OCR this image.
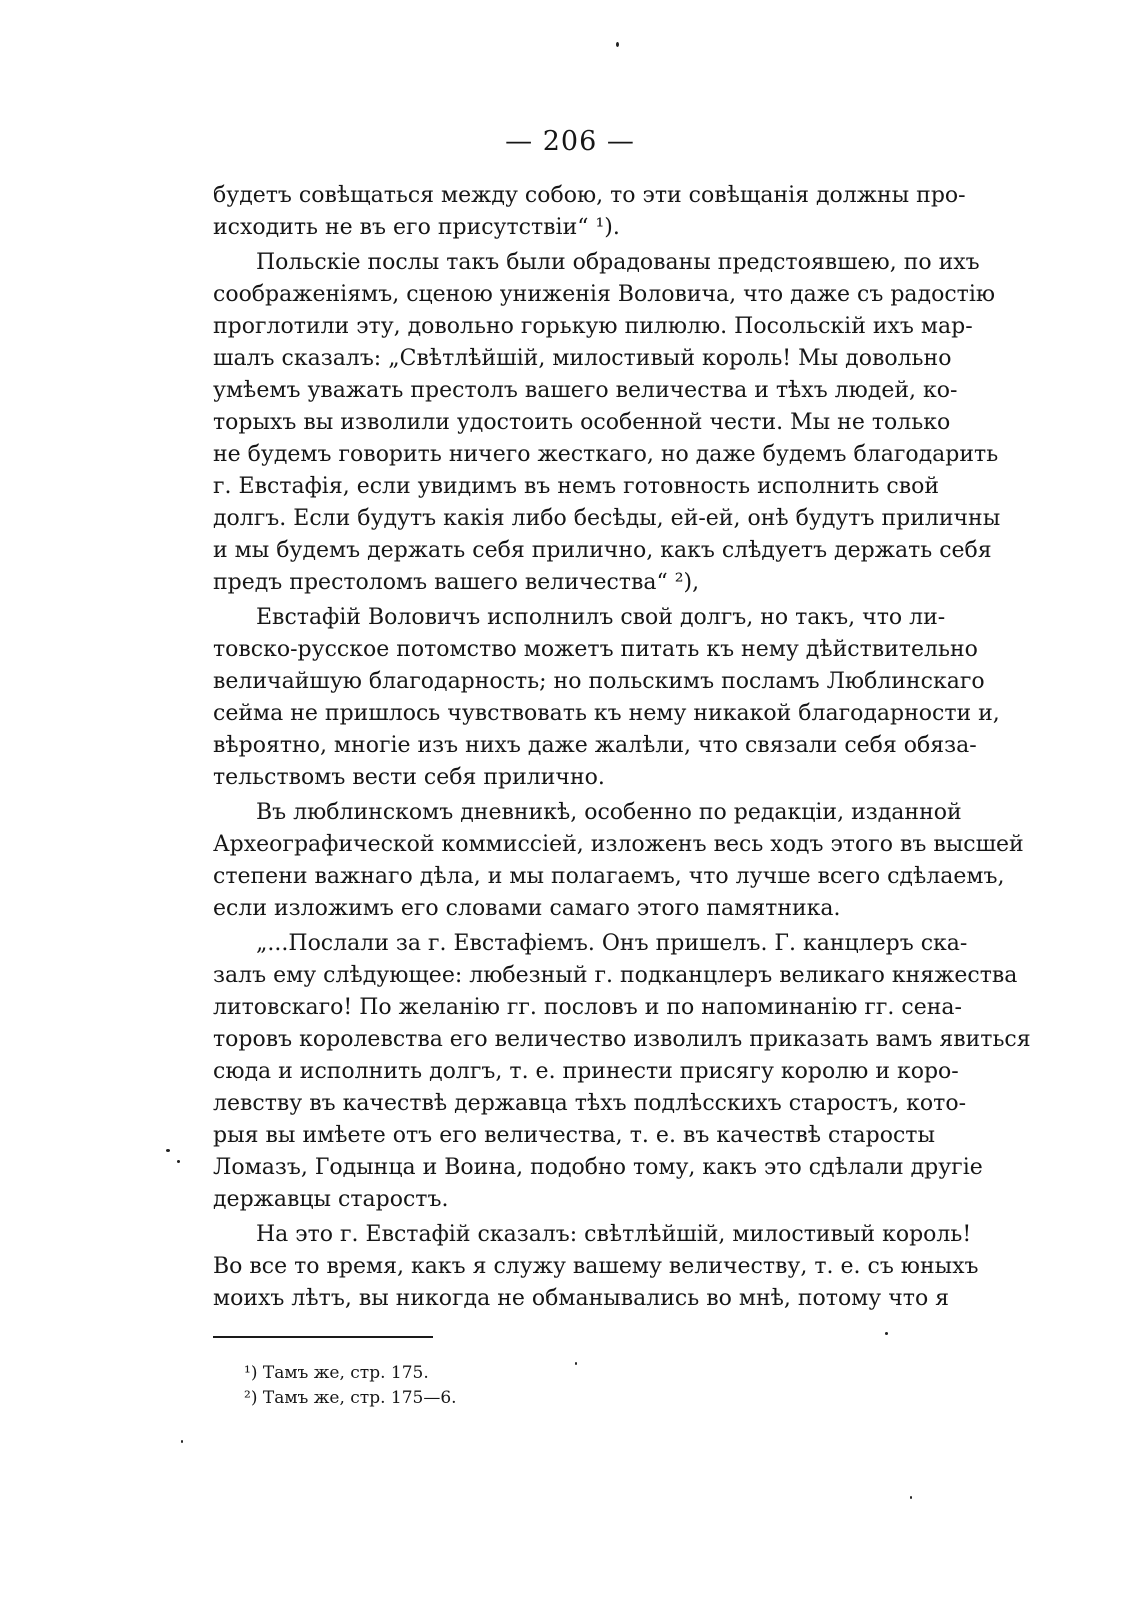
— 206 —
будетъ совѣщаться между собою, то эти совѣщанія должны про-
исходить не въ его присутствіи“ ¹).
Польскіе послы такъ были обрадованы предстоявшею, по ихъ
соображеніямъ, сценою униженія Воловича, что даже съ радостію
проглотили эту, довольно горькую пилюлю. Посольскій ихъ мар-
шалъ сказалъ: „Свѣтлѣйшій, милостивый король! Мы довольно
умѣемъ уважать престолъ вашего величества и тѣхъ людей, ко-
торыхъ вы изволили удостоить особенной чести. Мы не только
не будемъ говорить ничего жесткаго, но даже будемъ благодарить
г. Евстафія, если увидимъ въ немъ готовность исполнить свой
долгъ. Если будутъ какія либо бесѣды, ей-ей, онѣ будутъ приличны
и мы будемъ держать себя прилично, какъ слѣдуетъ держать себя
предъ престоломъ вашего величества“ ²),
Евстафій Воловичъ исполнилъ свой долгъ, но такъ, что ли-
товско-русское потомство можетъ питать къ нему дѣйствительно
величайшую благодарность; но польскимъ посламъ Люблинскаго
сейма не пришлось чувствовать къ нему никакой благодарности и,
вѣроятно, многіе изъ нихъ даже жалѣли, что связали себя обяза-
тельствомъ вести себя прилично.
Въ люблинскомъ дневникѣ, особенно по редакціи, изданной
Археографической коммиссіей, изложенъ весь ходъ этого въ высшей
степени важнаго дѣла, и мы полагаемъ, что лучше всего сдѣлаемъ,
если изложимъ его словами самаго этого памятника.
„...Послали за г. Евстафіемъ. Онъ пришелъ. Г. канцлеръ ска-
залъ ему слѣдующее: любезный г. подканцлеръ великаго княжества
литовскаго! По желанію гг. пословъ и по напоминанію гг. сена-
торовъ королевства его величество изволилъ приказать вамъ явиться
сюда и исполнить долгъ, т. е. принести присягу королю и коро-
левству въ качествѣ державца тѣхъ подлѣсскихъ старостъ, кото-
рыя вы имѣете отъ его величества, т. е. въ качествѣ старосты
Ломазъ, Годынца и Воина, подобно тому, какъ это сдѣлали другіе
державцы старостъ.
На это г. Евстафій сказалъ: свѣтлѣйшій, милостивый король!
Во все то время, какъ я служу вашему величеству, т. е. съ юныхъ
моихъ лѣтъ, вы никогда не обманывались во мнѣ, потому что я
¹) Тамъ же, стр. 175.
²) Тамъ же, стр. 175—6.
